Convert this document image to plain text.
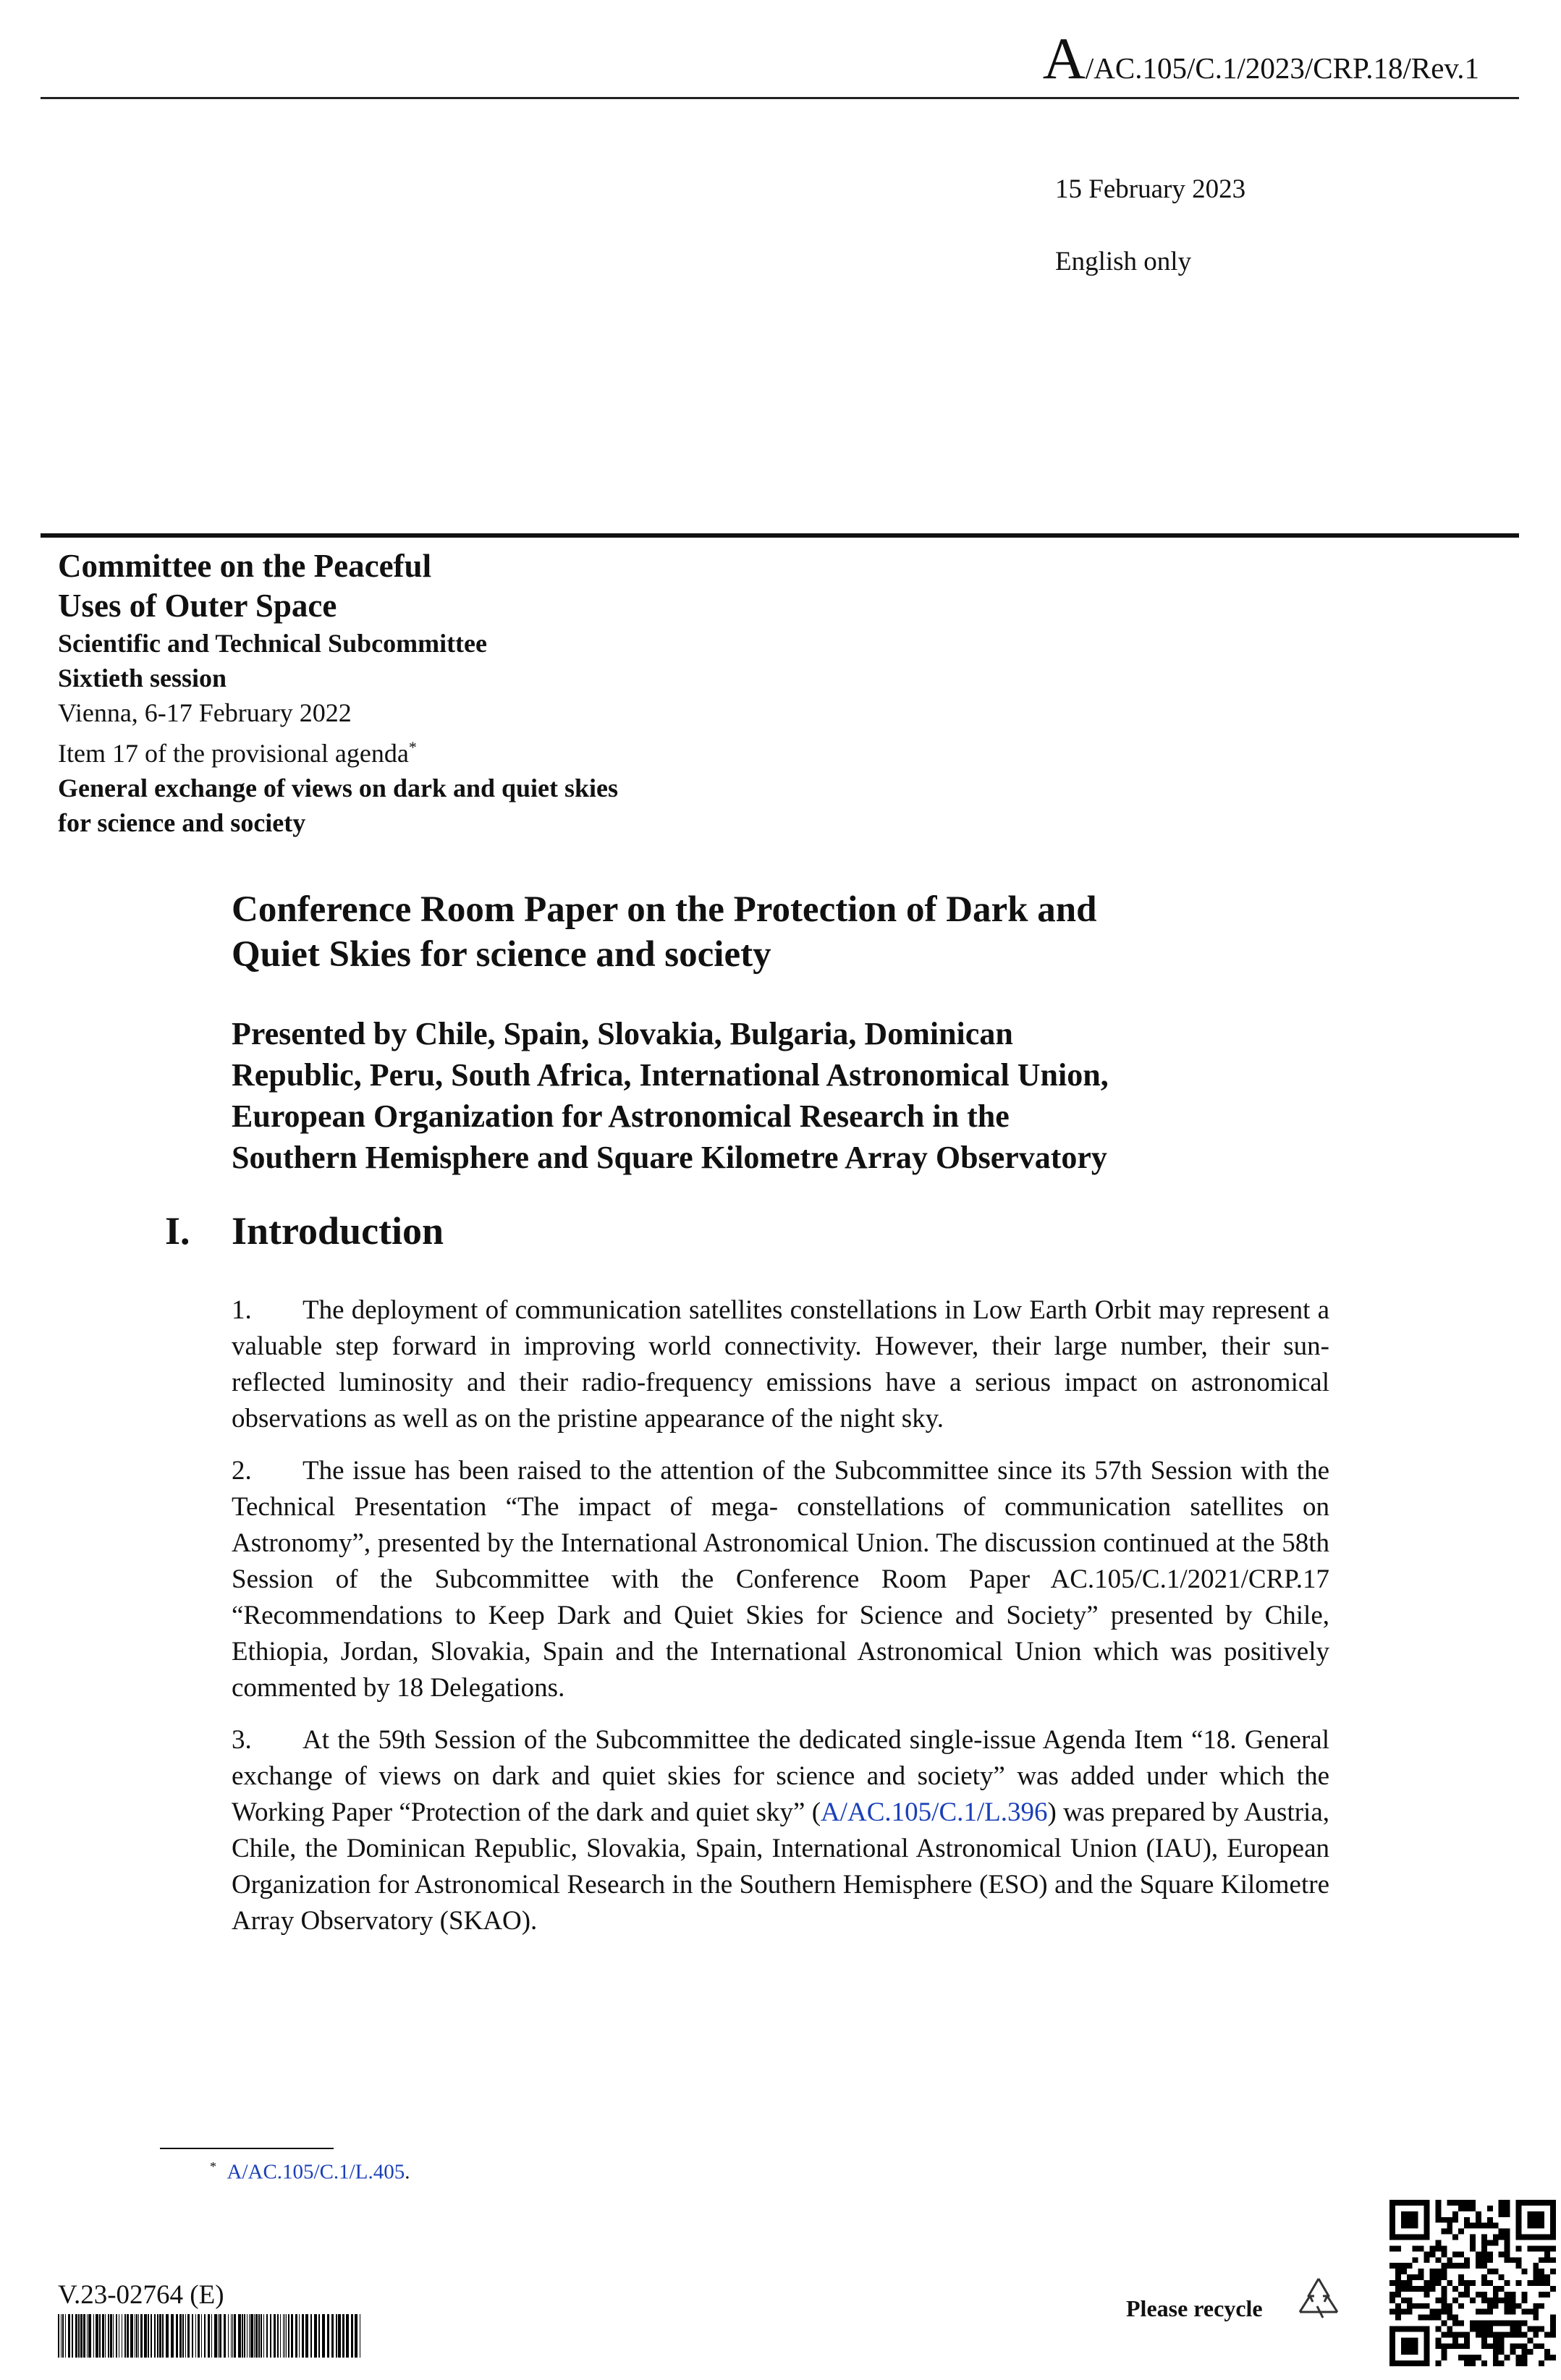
A/AC.105/C.1/2023/CRP.18/Rev.1
15 February 2023
English only
Committee on the Peaceful
Uses of Outer Space
Scientific and Technical Subcommittee
Sixtieth session
Vienna, 6-17 February 2022
Item 17 of the provisional agenda*
General exchange of views on dark and quiet skies
for science and society
Conference Room Paper on the Protection of Dark and
Quiet Skies for science and society
Presented by Chile, Spain, Slovakia, Bulgaria, Dominican
Republic, Peru, South Africa, International Astronomical Union,
European Organization for Astronomical Research in the
Southern Hemisphere and Square Kilometre Array Observatory
I. Introduction

1. The deployment of communication satellites constellations in Low Earth Orbit may represent a valuable step forward in improving world connectivity. However, their large number, their sun-reflected luminosity and their radio-frequency emissions have a serious impact on astronomical observations as well as on the pristine appearance of the night sky.

2. The issue has been raised to the attention of the Subcommittee since its 57th Session with the Technical Presentation “The impact of mega- constellations of communication satellites on Astronomy”, presented by the International Astronomical Union. The discussion continued at the 58th Session of the Subcommittee with the Conference Room Paper AC.105/C.1/2021/CRP.17 “Recommendations to Keep Dark and Quiet Skies for Science and Society” presented by Chile, Ethiopia, Jordan, Slovakia, Spain and the International Astronomical Union which was positively commented by 18 Delegations.

3. At the 59th Session of the Subcommittee the dedicated single-issue Agenda Item “18. General exchange of views on dark and quiet skies for science and society” was added under which the Working Paper “Protection of the dark and quiet sky” (A/AC.105/C.1/L.396) was prepared by Austria, Chile, the Dominican Republic, Slovakia, Spain, International Astronomical Union (IAU), European Organization for Astronomical Research in the Southern Hemisphere (ESO) and the Square Kilometre Array Observatory (SKAO).

* A/AC.105/C.1/L.405.
V.23-02764 (E)	Please recycle
